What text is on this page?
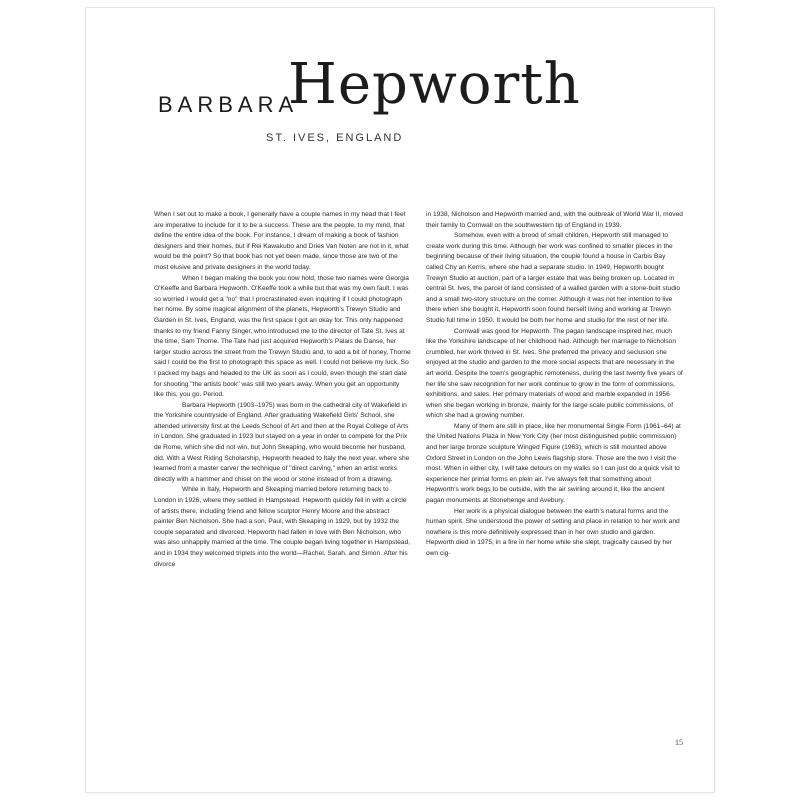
BARBARA
Hepworth
ST. IVES, ENGLAND

When I set out to make a book, I generally have a couple names in my head that I feel are imperative to include for it to be a success. These are the people, to my mind, that define the entire idea of the book. For instance, I dream of making a book of fashion designers and their homes, but if Rei Kawakubo and Dries Van Noten are not in it, what would be the point? So that book has not yet been made, since those are two of the most elusive and private designers in the world today.

When I began making the book you now hold, those two names were Georgia O'Keeffe and Barbara Hepworth. O'Keeffe took a while but that was my own fault. I was so worried I would get a "no" that I procrastinated even inquiring if I could photograph her home. By some magical alignment of the planets, Hepworth's Trewyn Studio and Garden in St. Ives, England, was the first space I got an okay for. This only happened thanks to my friend Fanny Singer, who introduced me to the director of Tate St. Ives at the time, Sam Thorne. The Tate had just acquired Hepworth's Palais de Danse, her larger studio across the street from the Trewyn Studio and, to add a bit of honey, Thorne said I could be the first to photograph this space as well. I could not believe my luck. So I packed my bags and headed to the UK as soon as I could, even though the start date for shooting "the artists book" was still two years away. When you get an opportunity like this, you go. Period.

Barbara Hepworth (1903–1975) was born in the cathedral city of Wakefield in the Yorkshire countryside of England. After graduating Wakefield Girls' School, she attended university first at the Leeds School of Art and then at the Royal College of Arts in London. She graduated in 1923 but stayed on a year in order to compete for the Prix de Rome, which she did not win, but John Skeaping, who would become her husband, did. With a West Riding Scholarship, Hepworth headed to Italy the next year, where she learned from a master carver the technique of "direct carving," when an artist works directly with a hammer and chisel on the wood or stone instead of from a drawing.

While in Italy, Hepworth and Skeaping married before returning back to London in 1926, where they settled in Hampstead. Hepworth quickly fell in with a circle of artists there, including friend and fellow sculptor Henry Moore and the abstract painter Ben Nicholson. She had a son, Paul, with Skeaping in 1929, but by 1932 the couple separated and divorced. Hepworth had fallen in love with Ben Nicholson, who was also unhappily married at the time. The couple began living together in Hampstead, and in 1934 they welcomed triplets into the world—Rachel, Sarah, and Simon. After his divorce

in 1938, Nicholson and Hepworth married and, with the outbreak of World War II, moved their family to Cornwall on the southwestern tip of England in 1939.

Somehow, even with a brood of small children, Hepworth still managed to create work during this time. Although her work was confined to smaller pieces in the beginning because of their living situation, the couple found a house in Carbis Bay called Chy an Kerris, where she had a separate studio. In 1949, Hepworth bought Trewyn Studio at auction, part of a larger estate that was being broken up. Located in central St. Ives, the parcel of land consisted of a walled garden with a stone-built studio and a small two-story structure on the corner. Although it was not her intention to live there when she bought it, Hepworth soon found herself living and working at Trewyn Studio full time in 1950. It would be both her home and studio for the rest of her life.

Cornwall was good for Hepworth. The pagan landscape inspired her, much like the Yorkshire landscape of her childhood had. Although her marriage to Nicholson crumbled, her work thrived in St. Ives. She preferred the privacy and seclusion she enjoyed at the studio and garden to the more social aspects that are necessary in the art world. Despite the town's geographic remoteness, during the last twenty five years of her life she saw recognition for her work continue to grow in the form of commissions, exhibitions, and sales. Her primary materials of wood and marble expanded in 1956 when she began working in bronze, mainly for the large scale public commissions, of which she had a growing number.

Many of them are still in place, like her monumental Single Form (1961–64) at the United Nations Plaza in New York City (her most distinguished public commission) and her large bronze sculpture Winged Figure (1963), which is still mounted above Oxford Street in London on the John Lewis flagship store. Those are the two I visit the most. When in either city, I will take detours on my walks so I can just do a quick visit to experience her primal forms en plein air. I've always felt that something about Hepworth's work begs to be outside, with the air swirling around it, like the ancient pagan monuments at Stonehenge and Avebury.

Her work is a physical dialogue between the earth's natural forms and the human spirit. She understood the power of setting and place in relation to her work and nowhere is this more definitively expressed than in her own studio and garden. Hepworth died in 1975, in a fire in her home while she slept, tragically caused by her own cig-

15
